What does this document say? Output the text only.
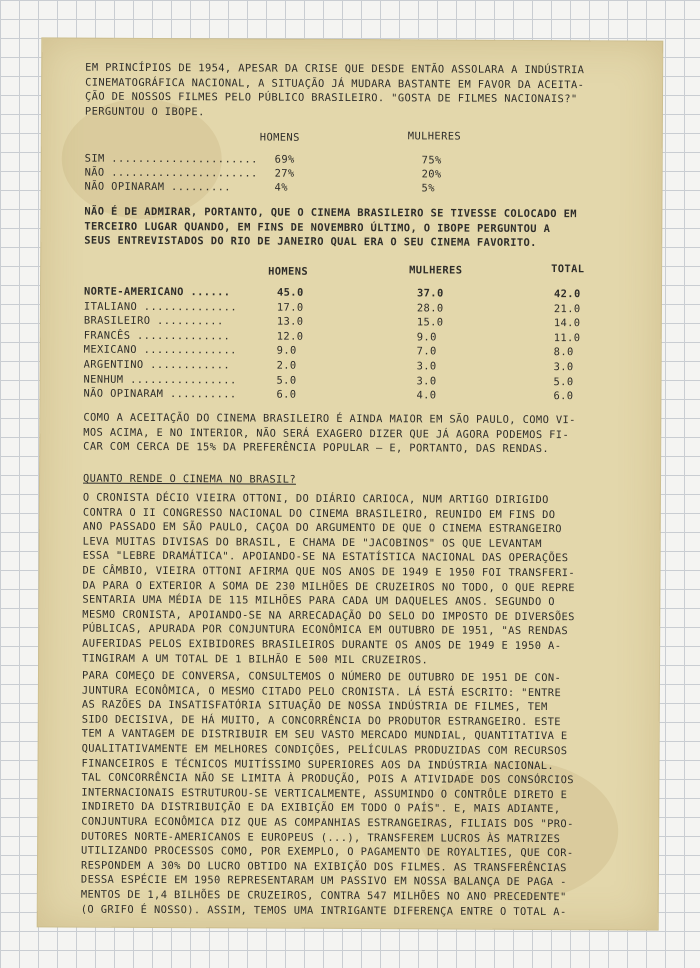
EM PRINCÍPIOS DE 1954, APESAR DA CRISE QUE DESDE ENTÃO ASSOLARA A INDÚSTRIA
CINEMATOGRÁFICA NACIONAL, A SITUAÇÃO JÁ MUDARA BASTANTE EM FAVOR DA ACEITA-
ÇÃO DE NOSSOS FILMES PELO PÚBLICO BRASILEIRO. "GOSTA DE FILMES NACIONAIS?"
PERGUNTOU O IBOPE.
HOMENS	MULHERES
SIM ...................... 69%	75%
NÃO ...................... 27%	20%
NÃO OPINARAM .........	4%	5%
NÃO É DE ADMIRAR, PORTANTO, QUE O CINEMA BRASILEIRO SE TIVESSE COLOCADO EM
TERCEIRO LUGAR QUANDO, EM FINS DE NOVEMBRO ÚLTIMO, O IBOPE PERGUNTOU A
SEUS ENTREVISTADOS DO RIO DE JANEIRO QUAL ERA O SEU CINEMA FAVORITO.
HOMENS	MULHERES	TOTAL
NORTE-AMERICANO ......	45.0	37.0	42.0
ITALIANO ..............	17.0	28.0	21.0
BRASILEIRO ..........	13.0	15.0	14.0
FRANCÊS ..............	12.0	9.0	11.0
MEXICANO ..............	9.0	7.0	8.0
ARGENTINO ............	2.0	3.0	3.0
NENHUM ................	5.0	3.0	5.0
NÃO OPINARAM ..........	6.0	4.0	6.0
COMO A ACEITAÇÃO DO CINEMA BRASILEIRO É AINDA MAIOR EM SÃO PAULO, COMO VI-
MOS ACIMA, E NO INTERIOR, NÃO SERÁ EXAGERO DIZER QUE JÁ AGORA PODEMOS FI-
CAR COM CERCA DE 15% DA PREFERÊNCIA POPULAR — E, PORTANTO, DAS RENDAS.
QUANTO RENDE O CINEMA NO BRASIL?
O CRONISTA DÉCIO VIEIRA OTTONI, DO DIÁRIO CARIOCA, NUM ARTIGO DIRIGIDO
CONTRA O II CONGRESSO NACIONAL DO CINEMA BRASILEIRO, REUNIDO EM FINS DO
ANO PASSADO EM SÃO PAULO, CAÇOA DO ARGUMENTO DE QUE O CINEMA ESTRANGEIRO
LEVA MUITAS DIVISAS DO BRASIL, E CHAMA DE "JACOBINOS" OS QUE LEVANTAM
ESSA "LEBRE DRAMÁTICA". APOIANDO-SE NA ESTATÍSTICA NACIONAL DAS OPERAÇÕES
DE CÂMBIO, VIEIRA OTTONI AFIRMA QUE NOS ANOS DE 1949 E 1950 FOI TRANSFERI-
DA PARA O EXTERIOR A SOMA DE 230 MILHÕES DE CRUZEIROS NO TODO, O QUE REPRE
SENTARIA UMA MÉDIA DE 115 MILHÕES PARA CADA UM DAQUELES ANOS. SEGUNDO O
MESMO CRONISTA, APOIANDO-SE NA ARRECADAÇÃO DO SELO DO IMPOSTO DE DIVERSÕES
PÚBLICAS, APURADA POR CONJUNTURA ECONÔMICA EM OUTUBRO DE 1951, "AS RENDAS
AUFERIDAS PELOS EXIBIDORES BRASILEIROS DURANTE OS ANOS DE 1949 E 1950 A-
TINGIRAM A UM TOTAL DE 1 BILHÃO E 500 MIL CRUZEIROS.
PARA COMEÇO DE CONVERSA, CONSULTEMOS O NÚMERO DE OUTUBRO DE 1951 DE CON-
JUNTURA ECONÔMICA, O MESMO CITADO PELO CRONISTA. LÁ ESTÁ ESCRITO: "ENTRE
AS RAZÕES DA INSATISFATÓRIA SITUAÇÃO DE NOSSA INDÚSTRIA DE FILMES, TEM
SIDO DECISIVA, DE HÁ MUITO, A CONCORRÊNCIA DO PRODUTOR ESTRANGEIRO. ESTE
TEM A VANTAGEM DE DISTRIBUIR EM SEU VASTO MERCADO MUNDIAL, QUANTITATIVA E
QUALITATIVAMENTE EM MELHORES CONDIÇÕES, PELÍCULAS PRODUZIDAS COM RECURSOS
FINANCEIROS E TÉCNICOS MUITÍSSIMO SUPERIORES AOS DA INDÚSTRIA NACIONAL.
TAL CONCORRÊNCIA NÃO SE LIMITA À PRODUÇÃO, POIS A ATIVIDADE DOS CONSÓRCIOS
INTERNACIONAIS ESTRUTUROU-SE VERTICALMENTE, ASSUMINDO O CONTRÔLE DIRETO E
INDIRETO DA DISTRIBUIÇÃO E DA EXIBIÇÃO EM TODO O PAÍS". E, MAIS ADIANTE,
CONJUNTURA ECONÔMICA DIZ QUE AS COMPANHIAS ESTRANGEIRAS, FILIAIS DOS "PRO-
DUTORES NORTE-AMERICANOS E EUROPEUS (...), TRANSFEREM LUCROS ÀS MATRIZES
UTILIZANDO PROCESSOS COMO, POR EXEMPLO, O PAGAMENTO DE ROYALTIES, QUE COR-
RESPONDEM A 30% DO LUCRO OBTIDO NA EXIBIÇÃO DOS FILMES. AS TRANSFERÊNCIAS
DESSA ESPÉCIE EM 1950 REPRESENTARAM UM PASSIVO EM NOSSA BALANÇA DE PAGA -
MENTOS DE 1,4 BILHÕES DE CRUZEIROS, CONTRA 547 MILHÕES NO ANO PRECEDENTE"
(O GRIFO É NOSSO). ASSIM, TEMOS UMA INTRIGANTE DIFERENÇA ENTRE O TOTAL A-
